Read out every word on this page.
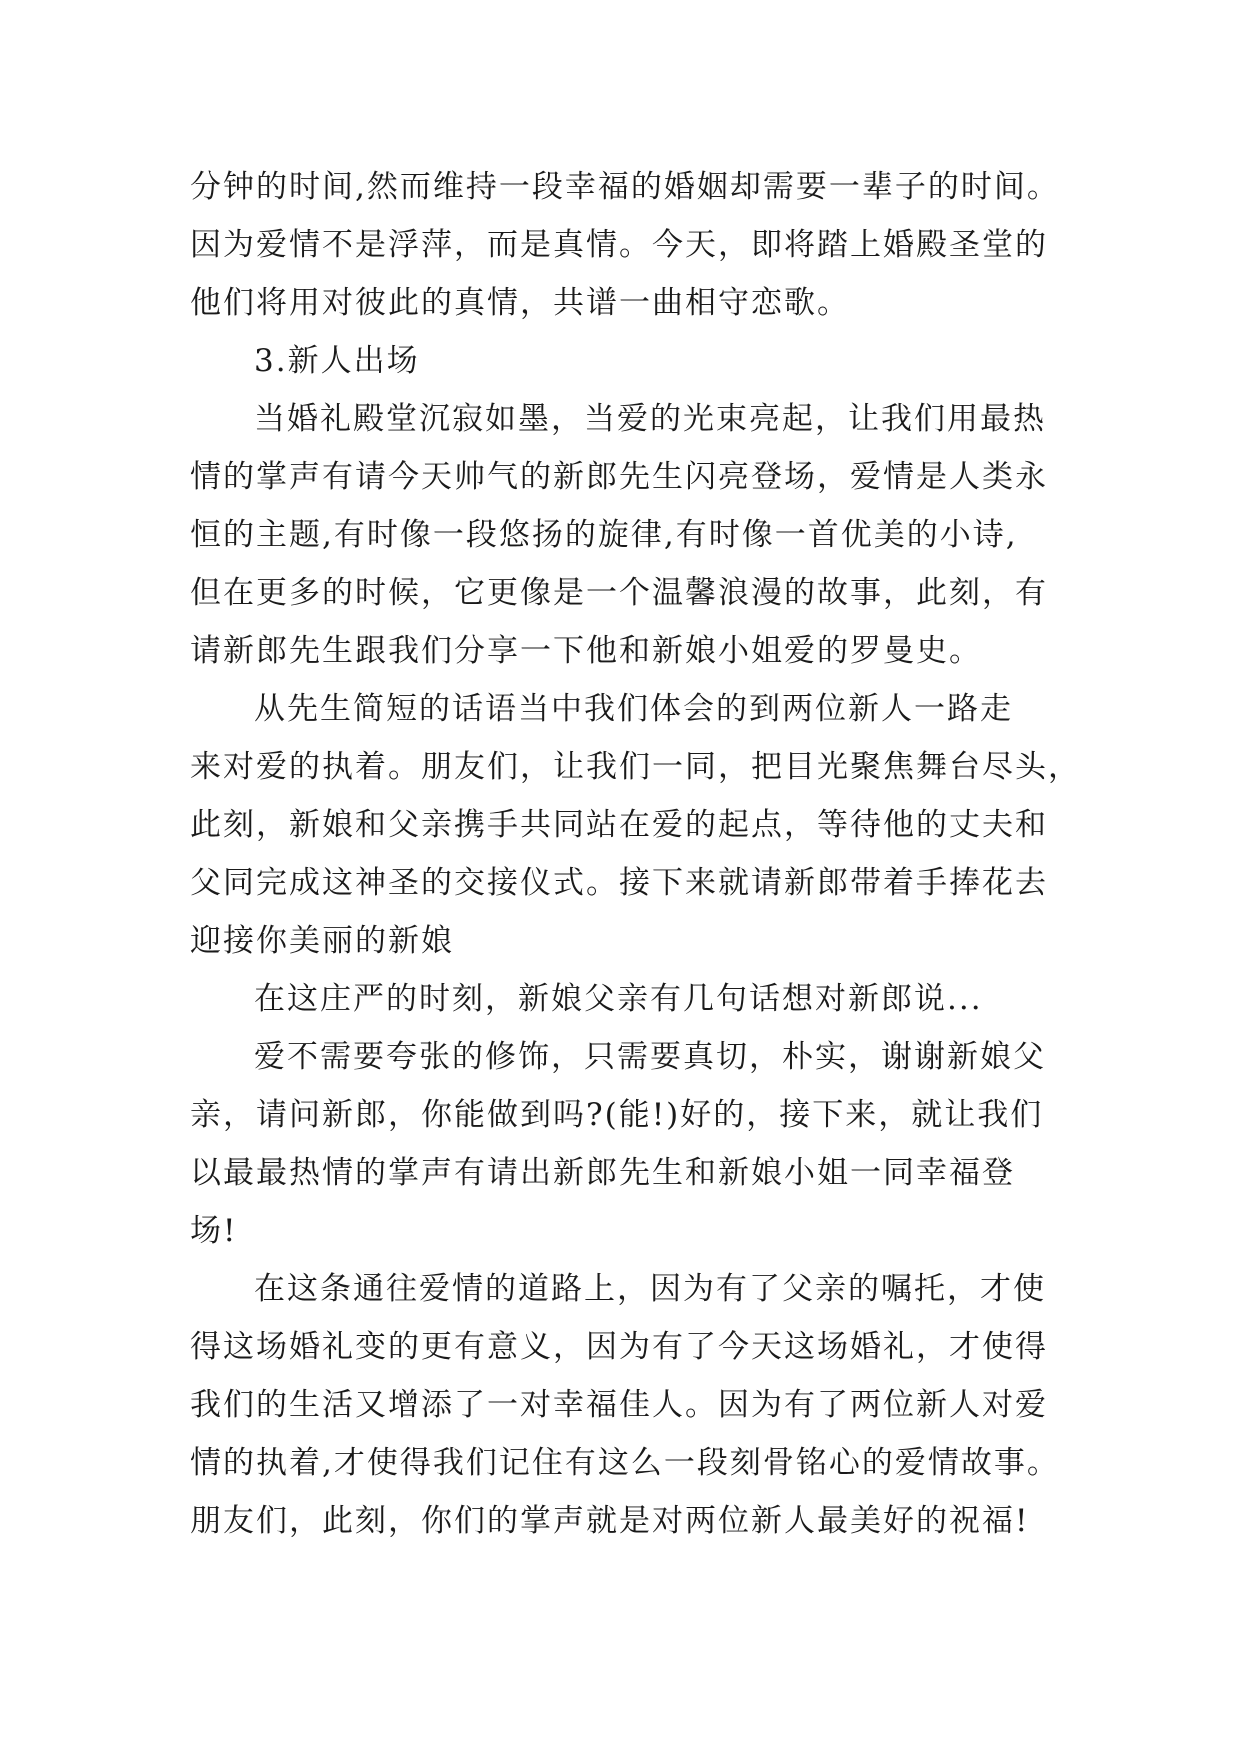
分钟的时间,然而维持一段幸福的婚姻却需要一辈子的时间。
因为爱情不是浮萍，而是真情。今天，即将踏上婚殿圣堂的
他们将用对彼此的真情，共谱一曲相守恋歌。
3.新人出场
当婚礼殿堂沉寂如墨，当爱的光束亮起，让我们用最热
情的掌声有请今天帅气的新郎先生闪亮登场，爱情是人类永
恒的主题,有时像一段悠扬的旋律,有时像一首优美的小诗,
但在更多的时候，它更像是一个温馨浪漫的故事，此刻，有
请新郎先生跟我们分享一下他和新娘小姐爱的罗曼史。
从先生简短的话语当中我们体会的到两位新人一路走
来对爱的执着。朋友们，让我们一同，把目光聚焦舞台尽头，
此刻，新娘和父亲携手共同站在爱的起点，等待他的丈夫和
父同完成这神圣的交接仪式。接下来就请新郎带着手捧花去
迎接你美丽的新娘
在这庄严的时刻，新娘父亲有几句话想对新郎说...
爱不需要夸张的修饰，只需要真切，朴实，谢谢新娘父
亲，请问新郎，你能做到吗?(能!)好的，接下来，就让我们
以最最热情的掌声有请出新郎先生和新娘小姐一同幸福登
场!
在这条通往爱情的道路上，因为有了父亲的嘱托，才使
得这场婚礼变的更有意义，因为有了今天这场婚礼，才使得
我们的生活又增添了一对幸福佳人。因为有了两位新人对爱
情的执着,才使得我们记住有这么一段刻骨铭心的爱情故事。
朋友们，此刻，你们的掌声就是对两位新人最美好的祝福!
